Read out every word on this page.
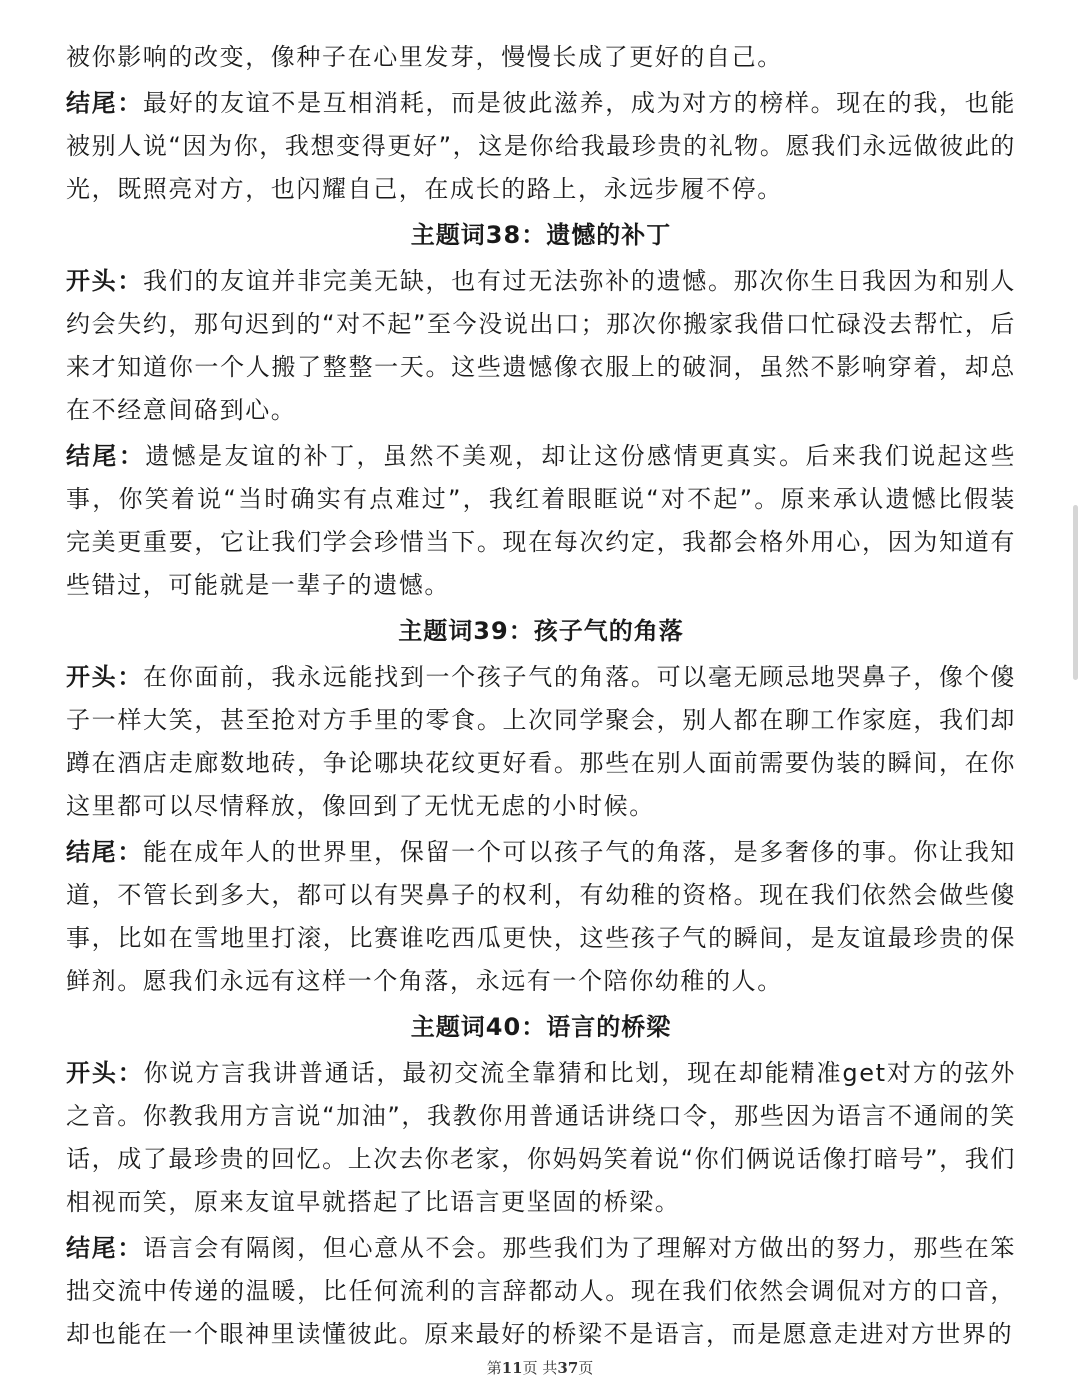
被你影响的改变，像种子在心里发芽，慢慢长成了更好的自己。

结尾：最好的友谊不是互相消耗，而是彼此滋养，成为对方的榜样。现在的我，也能被别人说“因为你，我想变得更好”，这是你给我最珍贵的礼物。愿我们永远做彼此的光，既照亮对方，也闪耀自己，在成长的路上，永远步履不停。

主题词38：遗憾的补丁

开头：我们的友谊并非完美无缺，也有过无法弥补的遗憾。那次你生日我因为和别人约会失约，那句迟到的“对不起”至今没说出口；那次你搬家我借口忙碌没去帮忙，后来才知道你一个人搬了整整一天。这些遗憾像衣服上的破洞，虽然不影响穿着，却总在不经意间硌到心。

结尾：遗憾是友谊的补丁，虽然不美观，却让这份感情更真实。后来我们说起这些事，你笑着说“当时确实有点难过”，我红着眼眶说“对不起”。原来承认遗憾比假装完美更重要，它让我们学会珍惜当下。现在每次约定，我都会格外用心，因为知道有些错过，可能就是一辈子的遗憾。

主题词39：孩子气的角落

开头：在你面前，我永远能找到一个孩子气的角落。可以毫无顾忌地哭鼻子，像个傻子一样大笑，甚至抢对方手里的零食。上次同学聚会，别人都在聊工作家庭，我们却蹲在酒店走廊数地砖，争论哪块花纹更好看。那些在别人面前需要伪装的瞬间，在你这里都可以尽情释放，像回到了无忧无虑的小时候。

结尾：能在成年人的世界里，保留一个可以孩子气的角落，是多奢侈的事。你让我知道，不管长到多大，都可以有哭鼻子的权利，有幼稚的资格。现在我们依然会做些傻事，比如在雪地里打滚，比赛谁吃西瓜更快，这些孩子气的瞬间，是友谊最珍贵的保鲜剂。愿我们永远有这样一个角落，永远有一个陪你幼稚的人。

主题词40：语言的桥梁

开头：你说方言我讲普通话，最初交流全靠猜和比划，现在却能精准get对方的弦外之音。你教我用方言说“加油”，我教你用普通话讲绕口令，那些因为语言不通闹的笑话，成了最珍贵的回忆。上次去你老家，你妈妈笑着说“你们俩说话像打暗号”，我们相视而笑，原来友谊早就搭起了比语言更坚固的桥梁。

结尾：语言会有隔阂，但心意从不会。那些我们为了理解对方做出的努力，那些在笨拙交流中传递的温暖，比任何流利的言辞都动人。现在我们依然会调侃对方的口音，却也能在一个眼神里读懂彼此。原来最好的桥梁不是语言，而是愿意走进对方世界的

第11页 共37页
